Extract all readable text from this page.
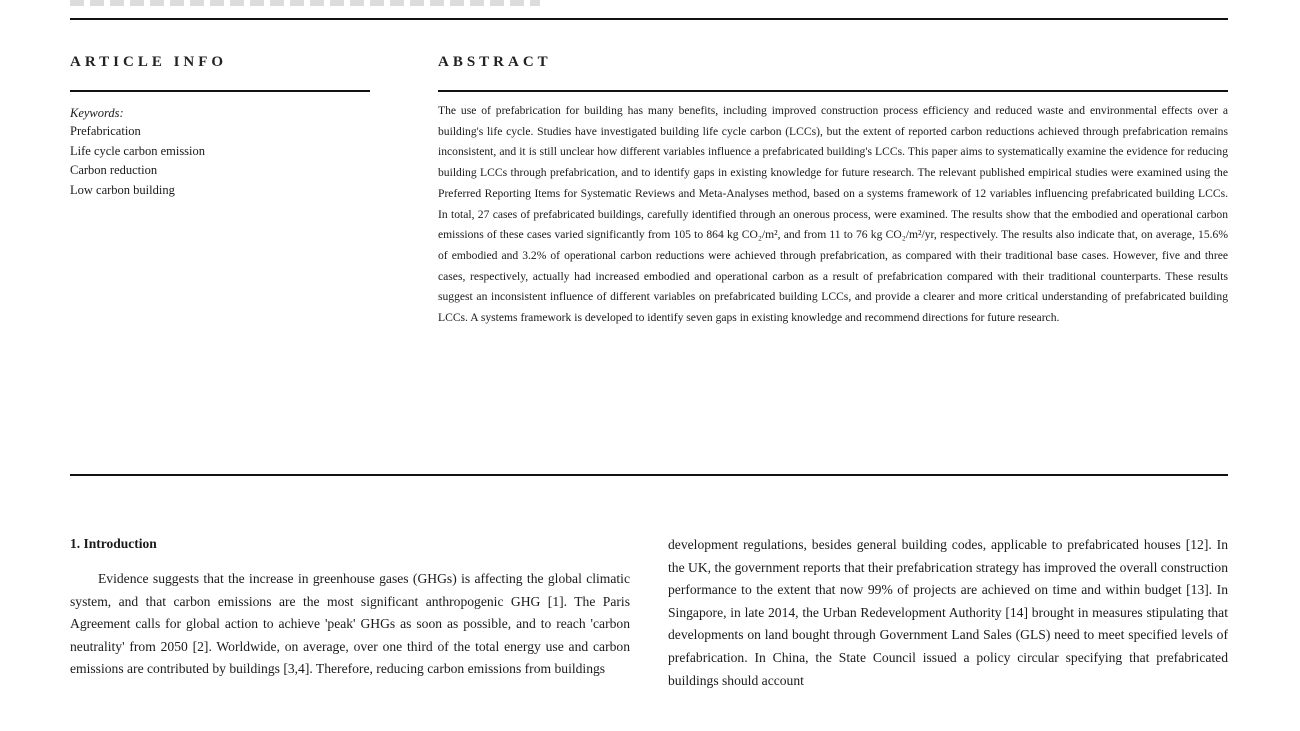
ARTICLE INFO
Keywords:
Prefabrication
Life cycle carbon emission
Carbon reduction
Low carbon building
ABSTRACT

The use of prefabrication for building has many benefits, including improved construction process efficiency and reduced waste and environmental effects over a building's life cycle. Studies have investigated building life cycle carbon (LCCs), but the extent of reported carbon reductions achieved through prefabrication remains inconsistent, and it is still unclear how different variables influence a prefabricated building's LCCs. This paper aims to systematically examine the evidence for reducing building LCCs through prefabrication, and to identify gaps in existing knowledge for future research. The relevant published empirical studies were examined using the Preferred Reporting Items for Systematic Reviews and Meta-Analyses method, based on a systems framework of 12 variables influencing prefabricated building LCCs. In total, 27 cases of prefabricated buildings, carefully identified through an onerous process, were examined. The results show that the embodied and operational carbon emissions of these cases varied significantly from 105 to 864 kg CO₂/m², and from 11 to 76 kg CO₂/m²/yr, respectively. The results also indicate that, on average, 15.6% of embodied and 3.2% of operational carbon reductions were achieved through prefabrication, as compared with their traditional base cases. However, five and three cases, respectively, actually had increased embodied and operational carbon as a result of prefabrication compared with their traditional counterparts. These results suggest an inconsistent influence of different variables on prefabricated building LCCs, and provide a clearer and more critical understanding of prefabricated building LCCs. A systems framework is developed to identify seven gaps in existing knowledge and recommend directions for future research.

1. Introduction

Evidence suggests that the increase in greenhouse gases (GHGs) is affecting the global climatic system, and that carbon emissions are the most significant anthropogenic GHG [1]. The Paris Agreement calls for global action to achieve 'peak' GHGs as soon as possible, and to reach 'carbon neutrality' from 2050 [2]. Worldwide, on average, over one third of the total energy use and carbon emissions are contributed by buildings [3,4]. Therefore, reducing carbon emissions from buildings

development regulations, besides general building codes, applicable to prefabricated houses [12]. In the UK, the government reports that their prefabrication strategy has improved the overall construction performance to the extent that now 99% of projects are achieved on time and within budget [13]. In Singapore, in late 2014, the Urban Redevelopment Authority [14] brought in measures stipulating that developments on land bought through Government Land Sales (GLS) need to meet specified levels of prefabrication. In China, the State Council issued a policy circular specifying that prefabricated buildings should account
